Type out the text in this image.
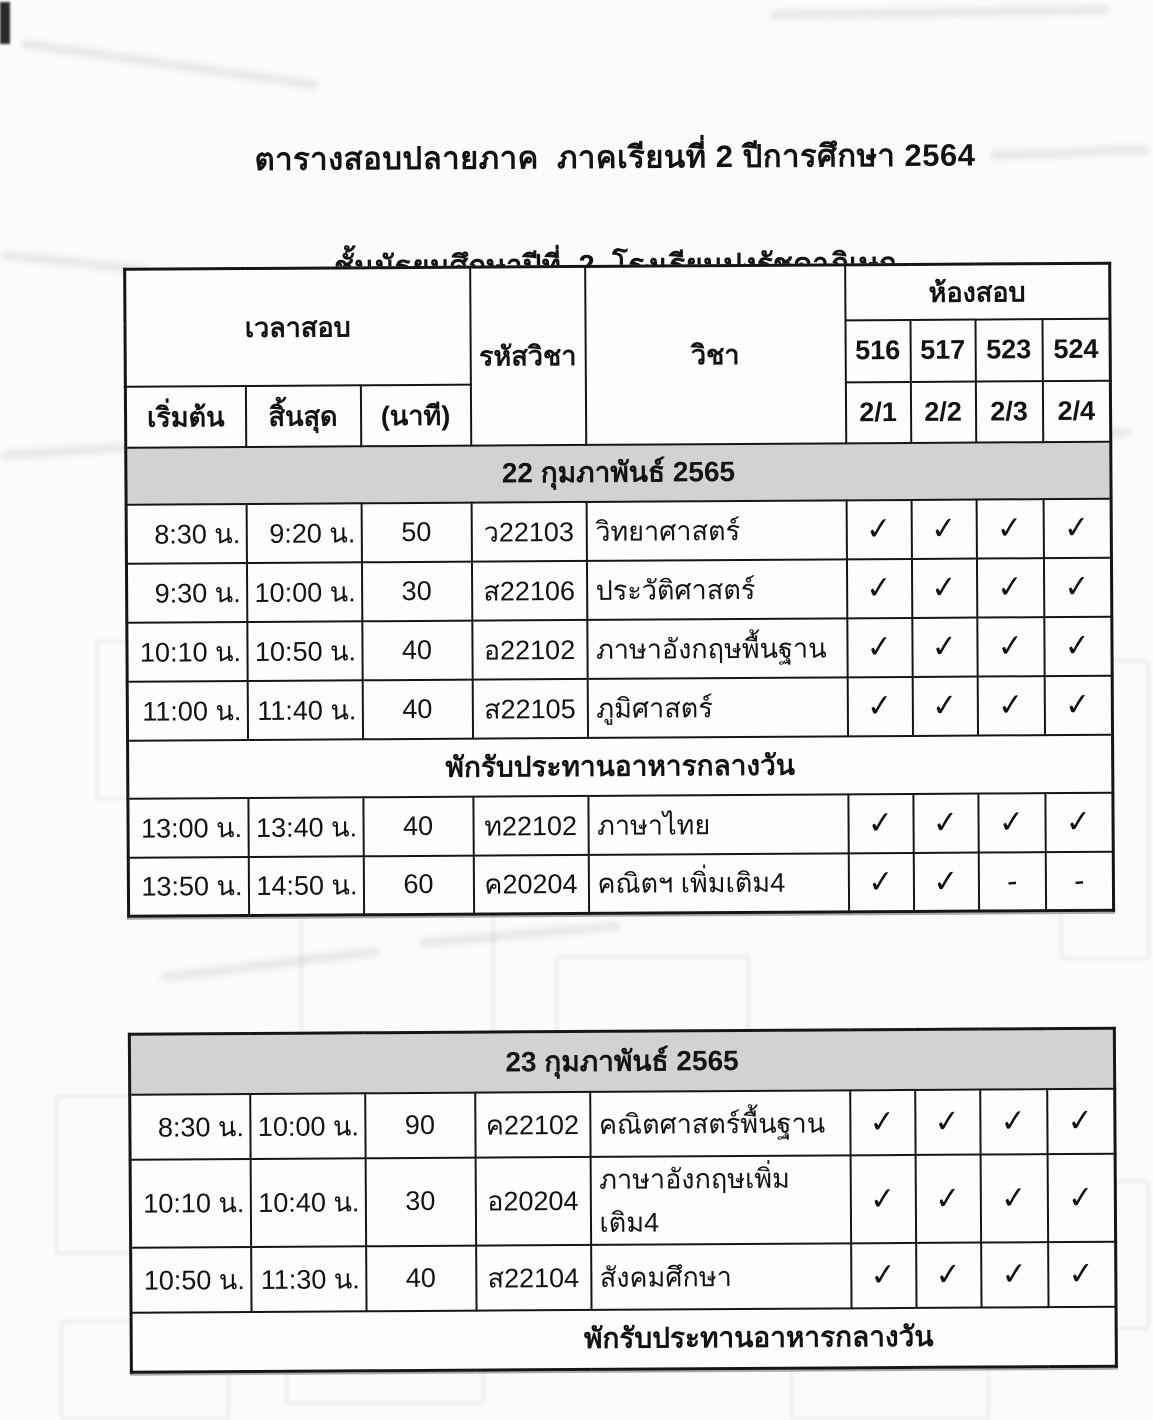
ตารางสอบปลายภาค  ภาคเรียนที่ 2 ปีการศึกษา 2564

เวลาสอบ			รหัสวิชา	วิชา	ห้องสอบ			
					516	517	523	524
เริ่มต้น	สิ้นสุด	(นาที)			2/1	2/2	2/3	2/4
22 กุมภาพันธ์ 2565								
8:30 น.	9:20 น.	50	ว22103	วิทยาศาสตร์	✓	✓	✓	✓
9:30 น.	10:00 น.	30	ส22106	ประวัติศาสตร์	✓	✓	✓	✓
10:10 น.	10:50 น.	40	อ22102	ภาษาอังกฤษพื้นฐาน	✓	✓	✓	✓
11:00 น.	11:40 น.	40	ส22105	ภูมิศาสตร์	✓	✓	✓	✓
พักรับประทานอาหารกลางวัน								
13:00 น.	13:40 น.	40	ท22102	ภาษาไทย	✓	✓	✓	✓
13:50 น.	14:50 น.	60	ค20204	คณิตฯ เพิ่มเติม4	✓	✓	-	-
23 กุมภาพันธ์ 2565								
8:30 น.	10:00 น.	90	ค22102	คณิตศาสตร์พื้นฐาน	✓	✓	✓	✓
10:10 น.	10:40 น.	30	อ20204	ภาษาอังกฤษเพิ่มเติม4	✓	✓	✓	✓
10:50 น.	11:30 น.	40	ส22104	สังคมศึกษา	✓	✓	✓	✓
พักรับประทานอาหารกลางวัน								
